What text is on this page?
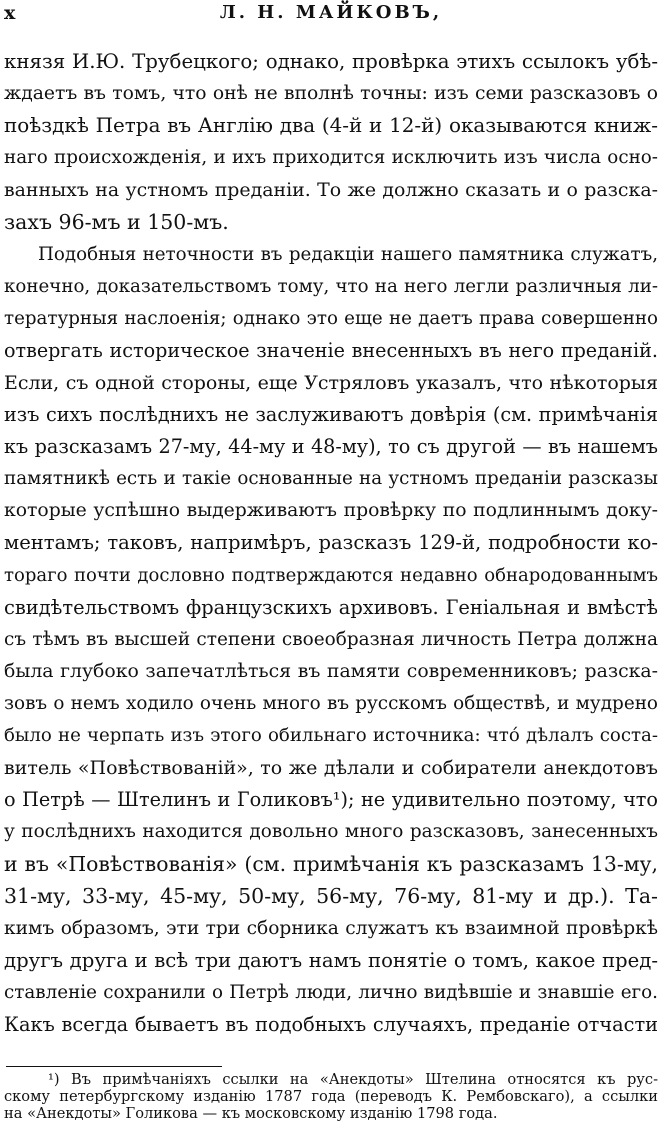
x	Л. Н. МАЙКОВЪ,
князя И.Ю. Трубецкого; однако, провѣрка этихъ ссылокъ убѣ-
ждаетъ въ томъ, что онѣ не вполнѣ точны: изъ семи разсказовъ о
поѣздкѣ Петра въ Англію два (4-й и 12-й) оказываются книж-
наго происхожденія, и ихъ приходится исключить изъ числа осно-
ванныхъ на устномъ преданіи. То же должно сказать и о разска-
захъ 96-мъ и 150-мъ.
Подобныя неточности въ редакціи нашего памятника служатъ,
конечно, доказательствомъ тому, что на него легли различныя ли-
тературныя наслоенія; однако это еще не даетъ права совершенно
отвергать историческое значеніе внесенныхъ въ него преданій.
Если, съ одной стороны, еще Устряловъ указалъ, что нѣкоторыя
изъ сихъ послѣднихъ не заслуживаютъ довѣрія (см. примѣчанія
къ разсказамъ 27-му, 44-му и 48-му), то съ другой — въ нашемъ
памятникѣ есть и такіе основанные на устномъ преданіи разсказы
которые успѣшно выдерживаютъ провѣрку по подлиннымъ доку-
ментамъ; таковъ, напримѣръ, разсказъ 129-й, подробности ко-
тораго почти дословно подтверждаются недавно обнародованнымъ
свидѣтельствомъ французскихъ архивовъ. Геніальная и вмѣстѣ
съ тѣмъ въ высшей степени своеобразная личность Петра должна
была глубоко запечатлѣться въ памяти современниковъ; разска-
зовъ о немъ ходило очень много въ русскомъ обществѣ, и мудрено
было не черпать изъ этого обильнаго источника: что́ дѣлалъ соста-
витель «Повѣствованій», то же дѣлали и собиратели анекдотовъ
о Петрѣ — Штелинъ и Голиковъ¹); не удивительно поэтому, что
у послѣднихъ находится довольно много разсказовъ, занесенныхъ
и въ «Повѣствованія» (см. примѣчанія къ разсказамъ 13-му,
31-му, 33-му, 45-му, 50-му, 56-му, 76-му, 81-му и др.). Та-
кимъ образомъ, эти три сборника служатъ къ взаимной провѣркѣ
другъ друга и всѣ три даютъ намъ понятіе о томъ, какое пред-
ставленіе сохранили о Петрѣ люди, лично видѣвшіе и знавшіе его.
Какъ всегда бываетъ въ подобныхъ случаяхъ, преданіе отчасти
¹) Въ примѣчаніяхъ ссылки на «Анекдоты» Штелина относятся къ рус-
скому петербургскому изданію 1787 года (переводъ К. Рембовскаго), а ссылки
на «Анекдоты» Голикова — къ московскому изданію 1798 года.
